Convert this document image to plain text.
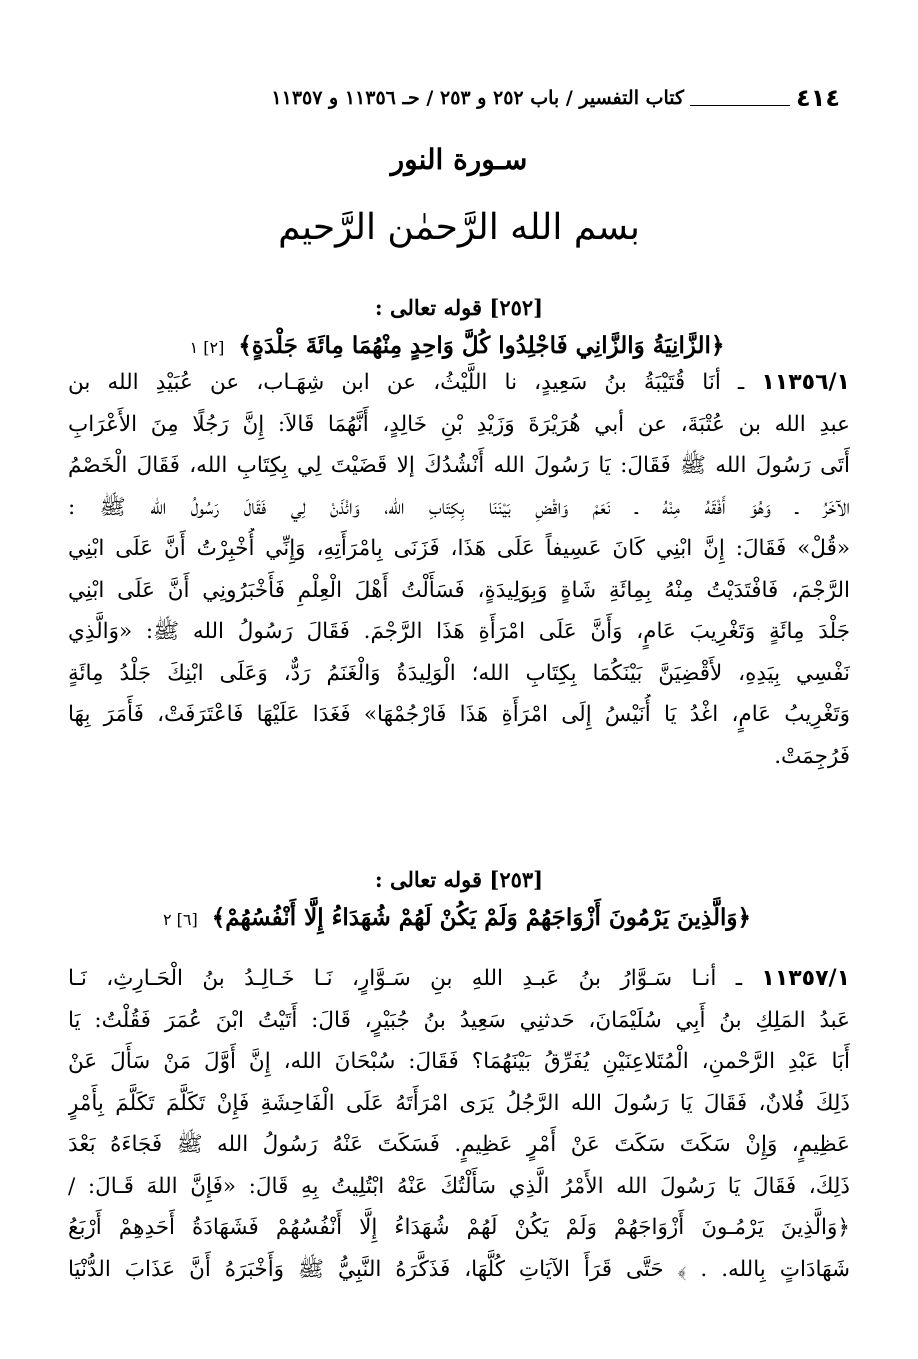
٤١٤
كتاب التفسير / باب ٢٥٢ و ٢٥٣ / حـ ١١٣٥٦ و ١١٣٥٧
سـورة النور
بسم الله الرَّحمٰن الرَّحيم
[٢٥٢] قوله تعالى :
﴿الزَّانِيَةُ وَالزَّانِي فَاجْلِدُوا كُلَّ وَاحِدٍ مِنْهُمَا مِائَةَ جَلْدَةٍ﴾ [٢] ١
١١٣٥٦/١ ـ أنَا قُتَيْبَةُ بنُ سَعِيدٍ، نا اللَّيْثُ، عن ابن شِهَـاب، عن عُبَيْدِ الله بن
عبدِ الله بن عُتْبَةَ، عن أبي هُرَيْرَةَ وَزَيْدِ بْنِ خَالِدٍ، أَنَّهُمَا قَالاَ: إِنَّ رَجُلًا مِنَ الأَعْرَابِ
أَتَى رَسُولَ الله ﷺ فَقَالَ: يَا رَسُولَ الله أَنْشُدُكَ إلا قَضَيْتَ لِي بِكِتَابِ الله، فَقَالَ الْخَصْمُ
الآخَرُ ـ وَهُوَ أَفْقَهُ مِنْهُ ـ نَعَمْ وَاقْضِ بَيْنَنَا بِكِتَابِ الله، وَائْذَنْ لِي فَقَالَ رَسُولُ الله ﷺ :
«قُلْ» فَقَالَ: إِنَّ ابْنِي كَانَ عَسِيفاً عَلَى هَذَا، فَزَنَى بِامْرَأَتِهِ، وَإِنِّي أُخْبِرْتُ أَنَّ عَلَى ابْنِي
الرَّجْمَ، فَافْتَدَيْتُ مِنْهُ بِمِائَةِ شَاةٍ وَبِوَلِيدَةٍ، فَسَأَلْتُ أَهْلَ الْعِلْمِ فَأَخْبَرُونِي أَنَّ عَلَى ابْنِي
جَلْدَ مِائَةٍ وَتَغْرِيبَ عَامٍ، وَأَنَّ عَلَى امْرَأَةِ هَذَا الرَّجْمَ. فَقَالَ رَسُولُ الله ﷺ: «وَالَّذِي
نَفْسِي بِيَدِهِ، لأَقْضِيَنَّ بَيْنَكُمَا بِكِتَابِ الله؛ الْوَلِيدَةُ وَالْغَنَمُ رَدٌّ، وَعَلَى ابْنِكَ جَلْدُ مِائَةٍ
وَتَغْرِيبُ عَامٍ، اغْدُ يَا أُنَيْسُ إِلَى امْرَأَةِ هَذَا فَارْجُمْهَا» فَغَدَا عَلَيْهَا فَاعْتَرَفَتْ، فَأَمَرَ بِهَا
فَرُجِمَتْ.
[٢٥٣] قوله تعالى :
﴿وَالَّذِينَ يَرْمُونَ أَزْوَاجَهُمْ وَلَمْ يَكُنْ لَهُمْ شُهَدَاءُ إِلَّا أَنْفُسُهُمْ﴾ [٦] ٢
١١٣٥٧/١ ـ أنـا سَـوَّارُ بنُ عَبـدِ اللهِ بنِ سَـوَّارٍ، نَـا خَـالِـدُ بنُ الْحَـارِثِ، نَـا
عَبدُ المَلِكِ بنُ أَبِي سُلَيْمَانَ، حَدثنِي سَعِيدُ بنُ جُبَيْرٍ، قَالَ: أَتَيْتُ ابْنَ عُمَرَ فَقُلْتُ: يَا
أَبَا عَبْدِ الرَّحْمنِ، الْمُتَلاعِنَيْنِ يُفَرِّقُ بَيْنَهُمَا؟ فَقَالَ: سُبْحَانَ الله، إِنَّ أَوَّلَ مَنْ سَأَلَ عَنْ
ذَلِكَ فُلانٌ، فَقَالَ يَا رَسُولَ الله الرَّجُلُ يَرَى امْرَأَتَهُ عَلَى الْفَاحِشَةِ فَإِنْ تَكَلَّمَ تَكَلَّمَ بِأَمْرٍ
عَظِيمٍ، وَإِنْ سَكَتَ سَكَتَ عَنْ أَمْرٍ عَظِيمٍ. فَسَكَتَ عَنْهُ رَسُولُ الله ﷺ فَجَاءَهُ بَعْدَ
ذَلِكَ، فَقَالَ يَا رَسُولَ الله الأَمْرُ الَّذِي سَأَلْتُكَ عَنْهُ ابْتُلِيتُ بِهِ قَالَ: «فَإِنَّ اللهَ قَـالَ: /
﴿وَالَّذِينَ يَرْمُـونَ أَزْوَاجَهُمْ وَلَمْ يَكُنْ لَهُمْ شُهَدَاءُ إِلَّا أَنْفُسُهُمْ فَشَهَادَةُ أَحَدِهِمْ أَرْبَعُ
شَهَادَاتٍ بِالله. . ﴾ حَتَّى قَرَأَ الآيَاتِ كُلَّهَا، فَذَكَّرَهُ النَّبِيُّ ﷺ وَأَخْبَرَهُ أَنَّ عَذَابَ الدُّنْيَا
